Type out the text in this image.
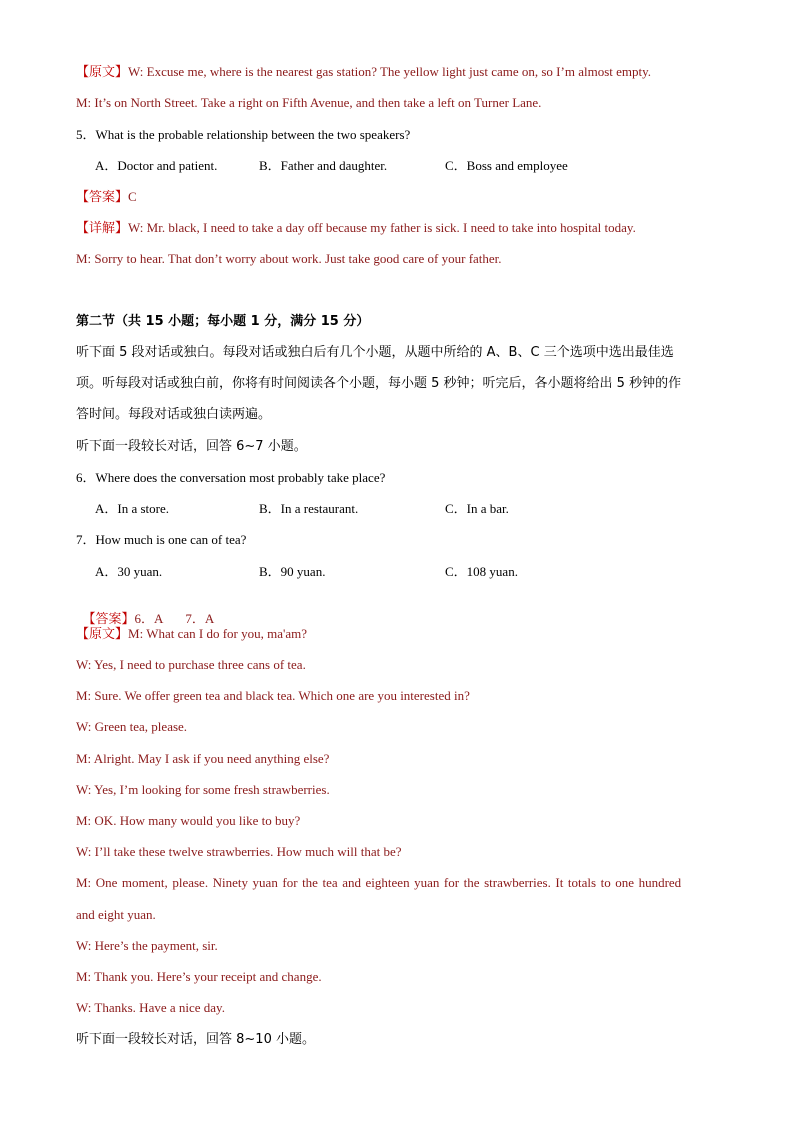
【原文】W: Excuse me, where is the nearest gas station? The yellow light just came on, so I’m almost empty.
M: It’s on North Street. Take a right on Fifth Avenue, and then take a left on Turner Lane.
5．What is the probable relationship between the two speakers?
A．Doctor and patient.	B．Father and daughter.	C．Boss and employee
【答案】C
【详解】W: Mr. black, I need to take a day off because my father is sick. I need to take into hospital today.
M: Sorry to hear. That don’t worry about work. Just take good care of your father.
第二节（共 15 小题；每小题 1 分，满分 15 分）
听下面 5 段对话或独白。每段对话或独白后有几个小题，从题中所给的 A、B、C 三个选项中选出最佳选
项。听每段对话或独白前，你将有时间阅读各个小题，每小题 5 秒钟；听完后，各小题将给出 5 秒钟的作
答时间。每段对话或独白读两遍。
听下面一段较长对话，回答 6~7 小题。
6．Where does the conversation most probably take place?
A．In a store.	B．In a restaurant.	C．In a bar.
7．How much is one can of tea?
A．30 yuan.	B．90 yuan.	C．108 yuan.

【答案】6．A       7．A

【原文】M: What can I do for you, ma'am?
W: Yes, I need to purchase three cans of tea.
M: Sure. We offer green tea and black tea. Which one are you interested in?
W: Green tea, please.
M: Alright. May I ask if you need anything else?
W: Yes, I’m looking for some fresh strawberries.
M: OK. How many would you like to buy?
W: I’ll take these twelve strawberries. How much will that be?
M: One moment, please. Ninety yuan for the tea and eighteen yuan for the strawberries. It totals to one hundred
and eight yuan.
W: Here’s the payment, sir.
M: Thank you. Here’s your receipt and change.
W: Thanks. Have a nice day.
听下面一段较长对话，回答 8~10 小题。
